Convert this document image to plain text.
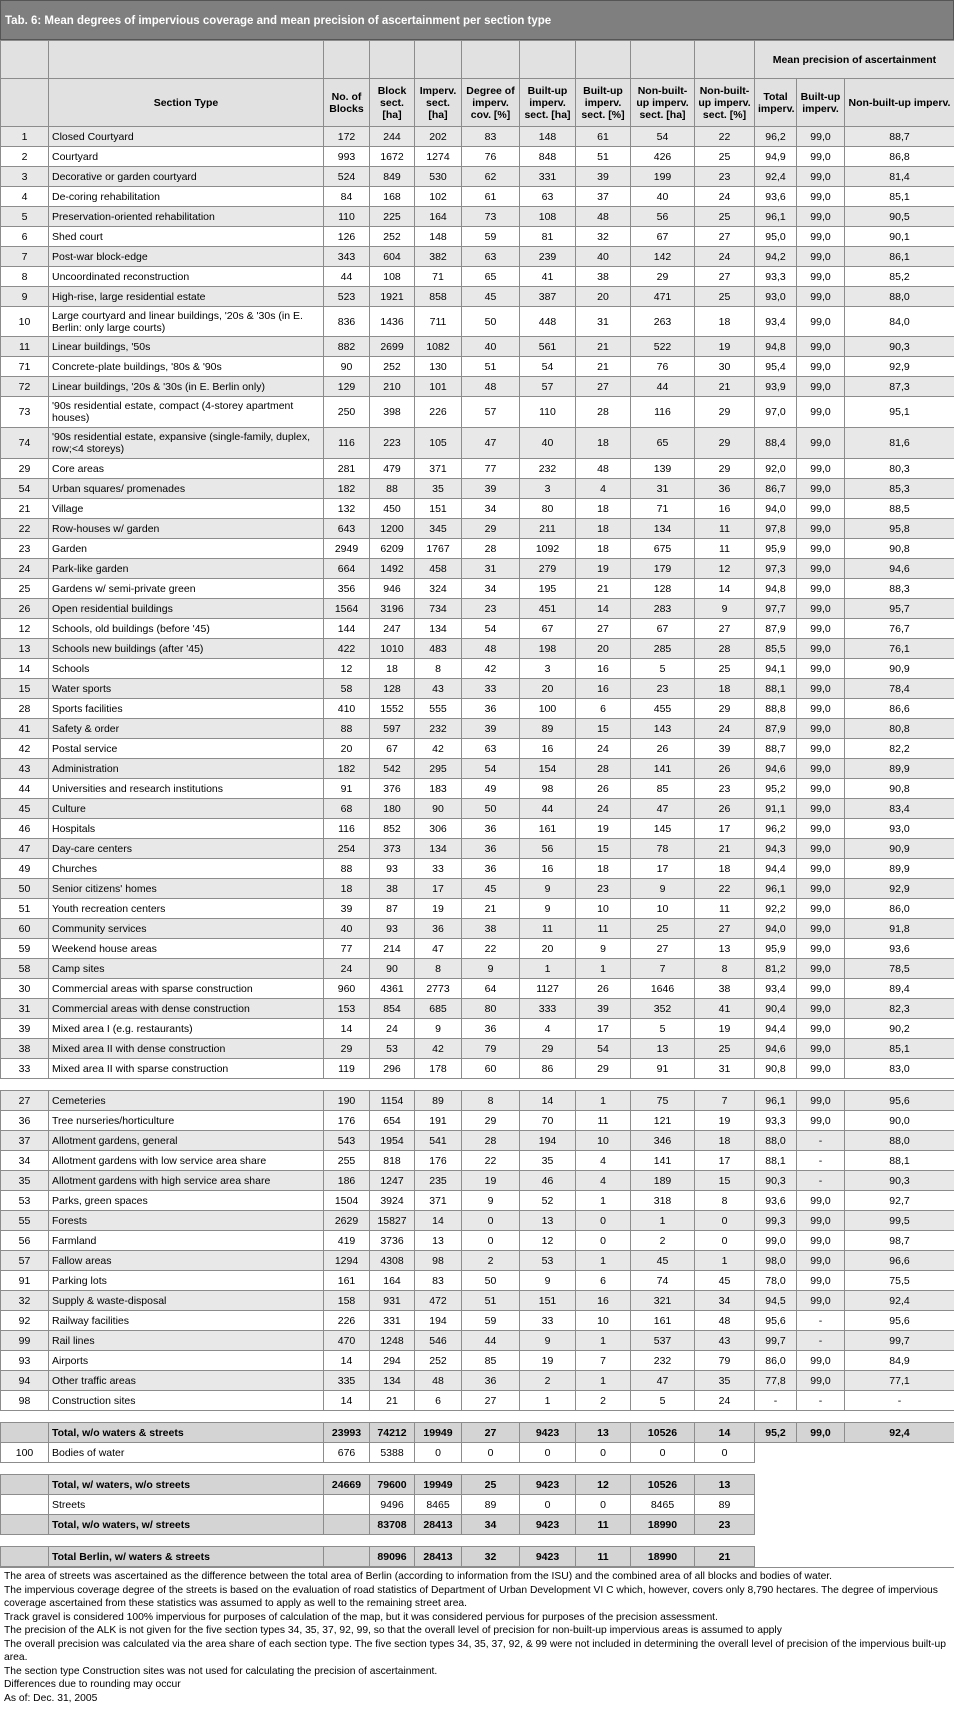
Tab. 6: Mean degrees of impervious coverage and mean precision of ascertainment per section type
										Mean precision of ascertainment		
	Section Type	No. of Blocks	Block sect. [ha]	Imperv. sect. [ha]	Degree of imperv. cov. [%]	Built-up imperv. sect. [ha]	Built-up imperv. sect. [%]	Non-built-up imperv. sect. [ha]	Non-built-up imperv. sect. [%]	Total imperv.	Built-up imperv.	Non-built-up imperv.
1	Closed Courtyard	172	244	202	83	148	61	54	22	96,2	99,0	88,7
2	Courtyard	993	1672	1274	76	848	51	426	25	94,9	99,0	86,8
3	Decorative or garden courtyard	524	849	530	62	331	39	199	23	92,4	99,0	81,4
4	De-coring rehabilitation	84	168	102	61	63	37	40	24	93,6	99,0	85,1
5	Preservation-oriented rehabilitation	110	225	164	73	108	48	56	25	96,1	99,0	90,5
6	Shed court	126	252	148	59	81	32	67	27	95,0	99,0	90,1
7	Post-war block-edge	343	604	382	63	239	40	142	24	94,2	99,0	86,1
8	Uncoordinated reconstruction	44	108	71	65	41	38	29	27	93,3	99,0	85,2
9	High-rise, large residential estate	523	1921	858	45	387	20	471	25	93,0	99,0	88,0
10	Large courtyard and linear buildings, '20s & '30s (in E. Berlin: only large courts)	836	1436	711	50	448	31	263	18	93,4	99,0	84,0
11	Linear buildings, '50s	882	2699	1082	40	561	21	522	19	94,8	99,0	90,3
71	Concrete-plate buildings, '80s & '90s	90	252	130	51	54	21	76	30	95,4	99,0	92,9
72	Linear buildings, '20s & '30s (in E. Berlin only)	129	210	101	48	57	27	44	21	93,9	99,0	87,3
73	'90s residential estate, compact (4-storey apartment houses)	250	398	226	57	110	28	116	29	97,0	99,0	95,1
74	'90s residential estate, expansive (single-family, duplex, row;<4 storeys)	116	223	105	47	40	18	65	29	88,4	99,0	81,6
29	Core areas	281	479	371	77	232	48	139	29	92,0	99,0	80,3
54	Urban squares/ promenades	182	88	35	39	3	4	31	36	86,7	99,0	85,3
21	Village	132	450	151	34	80	18	71	16	94,0	99,0	88,5
22	Row-houses w/ garden	643	1200	345	29	211	18	134	11	97,8	99,0	95,8
23	Garden	2949	6209	1767	28	1092	18	675	11	95,9	99,0	90,8
24	Park-like garden	664	1492	458	31	279	19	179	12	97,3	99,0	94,6
25	Gardens w/ semi-private green	356	946	324	34	195	21	128	14	94,8	99,0	88,3
26	Open residential buildings	1564	3196	734	23	451	14	283	9	97,7	99,0	95,7
12	Schools, old buildings (before '45)	144	247	134	54	67	27	67	27	87,9	99,0	76,7
13	Schools new buildings (after '45)	422	1010	483	48	198	20	285	28	85,5	99,0	76,1
14	Schools	12	18	8	42	3	16	5	25	94,1	99,0	90,9
15	Water sports	58	128	43	33	20	16	23	18	88,1	99,0	78,4
28	Sports facilities	410	1552	555	36	100	6	455	29	88,8	99,0	86,6
41	Safety & order	88	597	232	39	89	15	143	24	87,9	99,0	80,8
42	Postal service	20	67	42	63	16	24	26	39	88,7	99,0	82,2
43	Administration	182	542	295	54	154	28	141	26	94,6	99,0	89,9
44	Universities and research institutions	91	376	183	49	98	26	85	23	95,2	99,0	90,8
45	Culture	68	180	90	50	44	24	47	26	91,1	99,0	83,4
46	Hospitals	116	852	306	36	161	19	145	17	96,2	99,0	93,0
47	Day-care centers	254	373	134	36	56	15	78	21	94,3	99,0	90,9
49	Churches	88	93	33	36	16	18	17	18	94,4	99,0	89,9
50	Senior citizens' homes	18	38	17	45	9	23	9	22	96,1	99,0	92,9
51	Youth recreation centers	39	87	19	21	9	10	10	11	92,2	99,0	86,0
60	Community services	40	93	36	38	11	11	25	27	94,0	99,0	91,8
59	Weekend house areas	77	214	47	22	20	9	27	13	95,9	99,0	93,6
58	Camp sites	24	90	8	9	1	1	7	8	81,2	99,0	78,5
30	Commercial areas with sparse construction	960	4361	2773	64	1127	26	1646	38	93,4	99,0	89,4
31	Commercial areas with dense construction	153	854	685	80	333	39	352	41	90,4	99,0	82,3
39	Mixed area I (e.g. restaurants)	14	24	9	36	4	17	5	19	94,4	99,0	90,2
38	Mixed area II with dense construction	29	53	42	79	29	54	13	25	94,6	99,0	85,1
33	Mixed area II with sparse construction	119	296	178	60	86	29	91	31	90,8	99,0	83,0

27	Cemeteries	190	1154	89	8	14	1	75	7	96,1	99,0	95,6
36	Tree nurseries/horticulture	176	654	191	29	70	11	121	19	93,3	99,0	90,0
37	Allotment gardens, general	543	1954	541	28	194	10	346	18	88,0	-	88,0
34	Allotment gardens with low service area share	255	818	176	22	35	4	141	17	88,1	-	88,1
35	Allotment gardens with high service area share	186	1247	235	19	46	4	189	15	90,3	-	90,3
53	Parks, green spaces	1504	3924	371	9	52	1	318	8	93,6	99,0	92,7
55	Forests	2629	15827	14	0	13	0	1	0	99,3	99,0	99,5
56	Farmland	419	3736	13	0	12	0	2	0	99,0	99,0	98,7
57	Fallow areas	1294	4308	98	2	53	1	45	1	98,0	99,0	96,6
91	Parking lots	161	164	83	50	9	6	74	45	78,0	99,0	75,5
32	Supply & waste-disposal	158	931	472	51	151	16	321	34	94,5	99,0	92,4
92	Railway facilities	226	331	194	59	33	10	161	48	95,6	-	95,6
99	Rail lines	470	1248	546	44	9	1	537	43	99,7	-	99,7
93	Airports	14	294	252	85	19	7	232	79	86,0	99,0	84,9
94	Other traffic areas	335	134	48	36	2	1	47	35	77,8	99,0	77,1
98	Construction sites	14	21	6	27	1	2	5	24	-	-	-

	Total, w/o waters & streets	23993	74212	19949	27	9423	13	10526	14	95,2	99,0	92,4
100	Bodies of water	676	5388	0	0	0	0	0	0			

	Total, w/ waters, w/o streets	24669	79600	19949	25	9423	12	10526	13			
	Streets		9496	8465	89	0	0	8465	89			
	Total, w/o waters, w/ streets		83708	28413	34	9423	11	18990	23			

	Total Berlin, w/ waters & streets		89096	28413	32	9423	11	18990	21			
The area of streets was ascertained as the difference between the total area of Berlin (according to information from the ISU) and the combined area of all blocks and bodies of water.
The impervious coverage degree of the streets is based on the evaluation of road statistics of Department of Urban Development VI C which, however, covers only 8,790 hectares. The degree of impervious coverage ascertained from these statistics was assumed to apply as well to the remaining street area.
Track gravel is considered 100% impervious for purposes of calculation of the map, but it was considered pervious for purposes of the precision assessment.
The precision of the ALK is not given for the five section types 34, 35, 37, 92, 99, so that the overall level of precision for non-built-up impervious areas is assumed to apply
The overall precision was calculated via the area share of each section type. The five section types 34, 35, 37, 92, & 99 were not included in determining the overall level of precision of the impervious built-up area.
The section type Construction sites was not used for calculating the precision of ascertainment.
Differences due to rounding may occur
As of: Dec. 31, 2005
